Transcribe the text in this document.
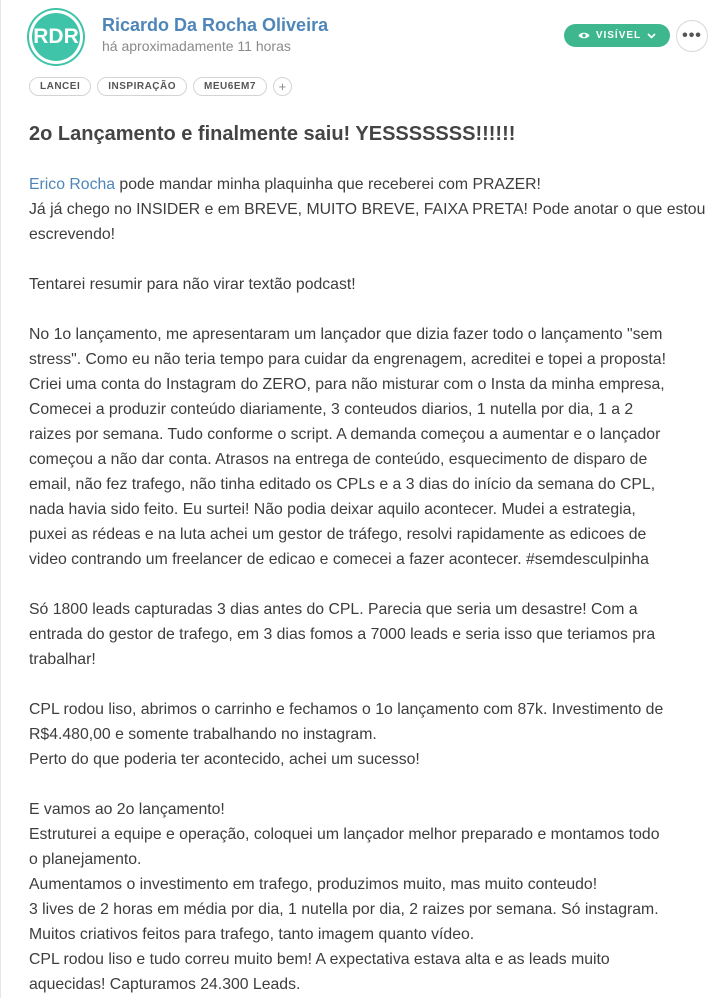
RDR Ricardo Da Rocha Oliveira
há aproximadamente 11 horas
VISÍVEL	•••
LANCEI	INSPIRAÇÃO	MEU6EM7	+
2o Lançamento e finalmente saiu! YESSSSSSS!!!!!!

Erico Rocha pode mandar minha plaquinha que receberei com PRAZER!

Já já chego no INSIDER e em BREVE, MUITO BREVE, FAIXA PRETA! Pode anotar o que estou

escrevendo!

Tentarei resumir para não virar textão podcast!

No 1o lançamento, me apresentaram um lançador que dizia fazer todo o lançamento "sem

stress". Como eu não teria tempo para cuidar da engrenagem, acreditei e topei a proposta!

Criei uma conta do Instagram do ZERO, para não misturar com o Insta da minha empresa,

Comecei a produzir conteúdo diariamente, 3 conteudos diarios, 1 nutella por dia, 1 a 2

raizes por semana. Tudo conforme o script. A demanda começou a aumentar e o lançador

começou a não dar conta. Atrasos na entrega de conteúdo, esquecimento de disparo de

email, não fez trafego, não tinha editado os CPLs e a 3 dias do início da semana do CPL,

nada havia sido feito. Eu surtei! Não podia deixar aquilo acontecer. Mudei a estrategia,

puxei as rédeas e na luta achei um gestor de tráfego, resolvi rapidamente as edicoes de

video contrando um freelancer de edicao e comecei a fazer acontecer. #semdesculpinha

Só 1800 leads capturadas 3 dias antes do CPL. Parecia que seria um desastre! Com a

entrada do gestor de trafego, em 3 dias fomos a 7000 leads e seria isso que teriamos pra

trabalhar!

CPL rodou liso, abrimos o carrinho e fechamos o 1o lançamento com 87k. Investimento de

R$4.480,00 e somente trabalhando no instagram.

Perto do que poderia ter acontecido, achei um sucesso!

E vamos ao 2o lançamento!

Estruturei a equipe e operação, coloquei um lançador melhor preparado e montamos todo

o planejamento.

Aumentamos o investimento em trafego, produzimos muito, mas muito conteudo!

3 lives de 2 horas em média por dia, 1 nutella por dia, 2 raizes por semana. Só instagram.

Muitos criativos feitos para trafego, tanto imagem quanto vídeo.

CPL rodou liso e tudo correu muito bem! A expectativa estava alta e as leads muito

aquecidas! Capturamos 24.300 Leads.
